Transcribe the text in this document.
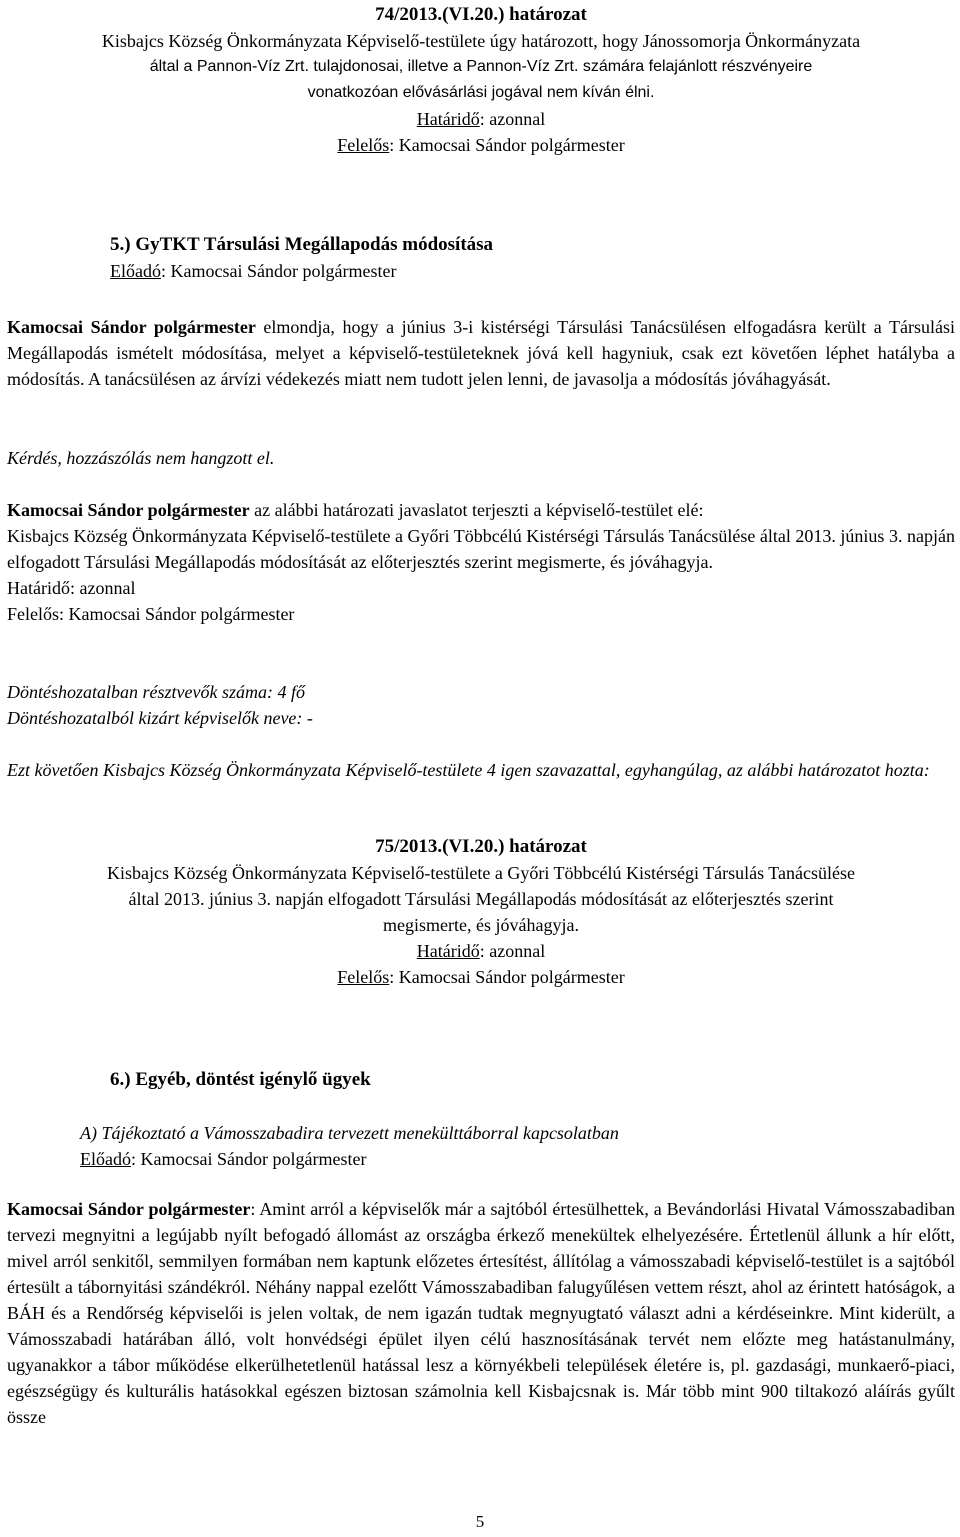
74/2013.(VI.20.) határozat
Kisbajcs Község Önkormányzata Képviselő-testülete úgy határozott, hogy Jánossomorja Önkormányzata
által a Pannon-Víz Zrt. tulajdonosai, illetve a Pannon-Víz Zrt. számára felajánlott részvényeire
vonatkozóan elővásárlási jogával nem kíván élni.
Határidő: azonnal
Felelős: Kamocsai Sándor polgármester
5.) GyTKT Társulási Megállapodás módosítása
Előadó: Kamocsai Sándor polgármester
Kamocsai Sándor polgármester elmondja, hogy a június 3-i kistérségi Társulási Tanácsülésen elfogadásra került a Társulási Megállapodás ismételt módosítása, melyet a képviselő-testületeknek jóvá kell hagyniuk, csak ezt követően léphet hatályba a módosítás. A tanácsülésen az árvízi védekezés miatt nem tudott jelen lenni, de javasolja a módosítás jóváhagyását.
Kérdés, hozzászólás nem hangzott el.
Kamocsai Sándor polgármester az alábbi határozati javaslatot terjeszti a képviselő-testület elé:
Kisbajcs Község Önkormányzata Képviselő-testülete a Győri Többcélú Kistérségi Társulás Tanácsülése által 2013. június 3. napján elfogadott Társulási Megállapodás módosítását az előterjesztés szerint megismerte, és jóváhagyja.
Határidő: azonnal
Felelős: Kamocsai Sándor polgármester
Döntéshozatalban résztvevők száma: 4 fő
Döntéshozatalból kizárt képviselők neve: -
Ezt követően Kisbajcs Község Önkormányzata Képviselő-testülete 4 igen szavazattal, egyhangúlag, az alábbi határozatot hozta:
75/2013.(VI.20.) határozat
Kisbajcs Község Önkormányzata Képviselő-testülete a Győri Többcélú Kistérségi Társulás Tanácsülése
által 2013. június 3. napján elfogadott Társulási Megállapodás módosítását az előterjesztés szerint
megismerte, és jóváhagyja.
Határidő: azonnal
Felelős: Kamocsai Sándor polgármester
6.) Egyéb, döntést igénylő ügyek
A) Tájékoztató a Vámosszabadira tervezett menekülttáborral kapcsolatban
Előadó: Kamocsai Sándor polgármester
Kamocsai Sándor polgármester: Amint arról a képviselők már a sajtóból értesülhettek, a Bevándorlási Hivatal Vámosszabadiban tervezi megnyitni a legújabb nyílt befogadó állomást az országba érkező menekültek elhelyezésére. Értetlenül állunk a hír előtt, mivel arról senkitől, semmilyen formában nem kaptunk előzetes értesítést, állítólag a vámosszabadi képviselő-testület is a sajtóból értesült a tábornyitási szándékról. Néhány nappal ezelőtt Vámosszabadiban falugyűlésen vettem részt, ahol az érintett hatóságok, a BÁH és a Rendőrség képviselői is jelen voltak, de nem igazán tudtak megnyugtató választ adni a kérdéseinkre. Mint kiderült, a Vámosszabadi határában álló, volt honvédségi épület ilyen célú hasznosításának tervét nem előzte meg hatástanulmány, ugyanakkor a tábor működése elkerülhetetlenül hatással lesz a környékbeli települések életére is, pl. gazdasági, munkaerő-piaci, egészségügy és kulturális hatásokkal egészen biztosan számolnia kell Kisbajcsnak is. Már több mint 900 tiltakozó aláírás gyűlt össze
5
